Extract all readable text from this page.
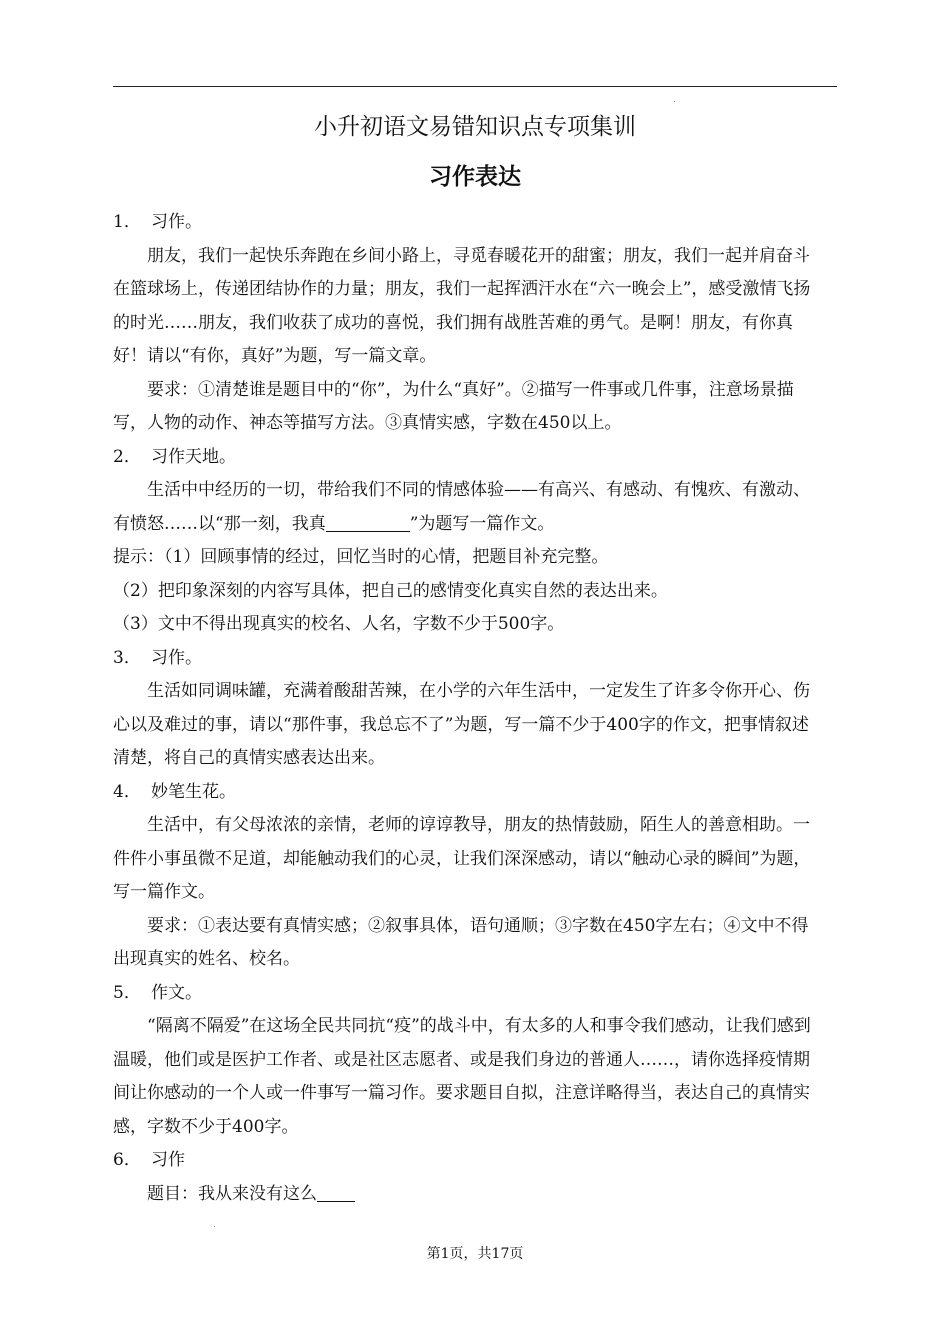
小升初语文易错知识点专项集训
习作表达

1． 习作。

朋友，我们一起快乐奔跑在乡间小路上，寻觅春暖花开的甜蜜；朋友，我们一起并肩奋斗在篮球场上，传递团结协作的力量；朋友，我们一起挥洒汗水在“六一晚会上”，感受激情飞扬的时光……朋友，我们收获了成功的喜悦，我们拥有战胜苦难的勇气。是啊！朋友，有你真好！请以“有你，真好”为题，写一篇文章。

要求：①清楚谁是题目中的“你”，为什么“真好”。②描写一件事或几件事，注意场景描写，人物的动作、神态等描写方法。③真情实感，字数在450以上。

2． 习作天地。

生活中中经历的一切，带给我们不同的情感体验——有高兴、有感动、有愧疚、有激动、有愤怒……以“那一刻，我真	”为题写一篇作文。

提示：（1）回顾事情的经过，回忆当时的心情，把题目补充完整。

（2）把印象深刻的内容写具体，把自己的感情变化真实自然的表达出来。

（3）文中不得出现真实的校名、人名，字数不少于500字。

3． 习作。

生活如同调味罐，充满着酸甜苦辣，在小学的六年生活中，一定发生了许多令你开心、伤心以及难过的事，请以“那件事，我总忘不了”为题，写一篇不少于400字的作文，把事情叙述清楚，将自己的真情实感表达出来。

4． 妙笔生花。

生活中，有父母浓浓的亲情，老师的谆谆教导，朋友的热情鼓励，陌生人的善意相助。一件件小事虽微不足道，却能触动我们的心灵，让我们深深感动，请以“触动心录的瞬间”为题，写一篇作文。

要求：①表达要有真情实感；②叙事具体，语句通顺；③字数在450字左右；④文中不得出现真实的姓名、校名。

5． 作文。

“隔离不隔爱”在这场全民共同抗“疫”的战斗中，有太多的人和事令我们感动，让我们感到温暖，他们或是医护工作者、或是社区志愿者、或是我们身边的普通人……，请你选择疫情期间让你感动的一个人或一件事写一篇习作。要求题目自拟，注意详略得当，表达自己的真情实感，字数不少于400字。

6． 习作

题目：我从来没有这么

第1页，共17页
